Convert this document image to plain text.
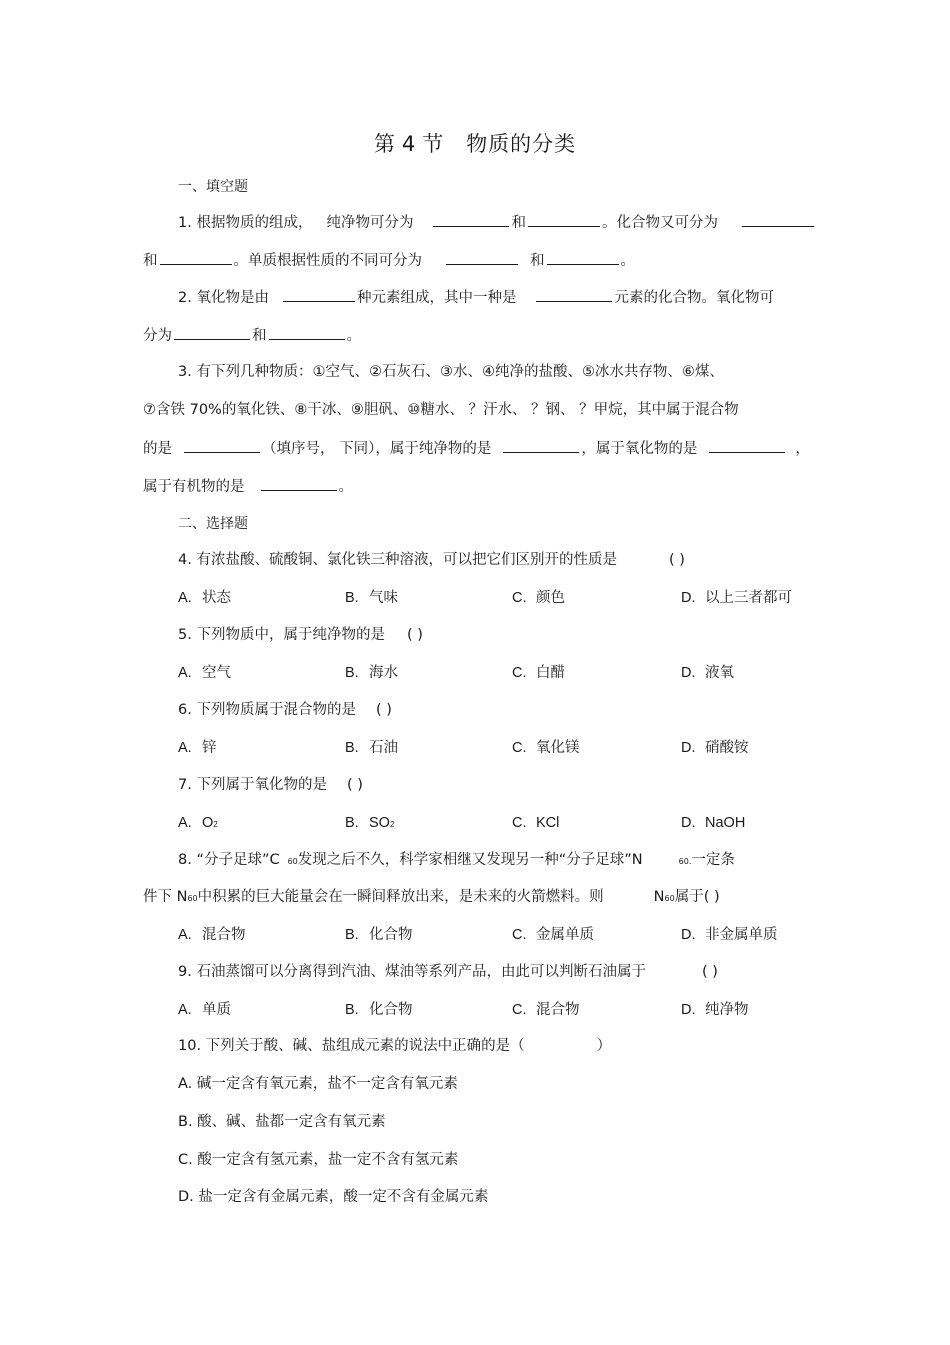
第 4 节 物质的分类
一、填空题
1. 根据物质的组成， 纯净物可分为	和	。化合物又可分为
和	。单质根据性质的不同可分为	和	。
2. 氧化物是由	种元素组成，其中一种是	元素的化合物。氧化物可
分为	和	。
3. 有下列几种物质：①空气、②石灰石、③水、④纯净的盐酸、⑤冰水共存物、⑥煤、
⑦含铁 70%的氧化铁、⑧干冰、⑨胆矾、⑩糖水、 ？汗水、 ？钢、 ？甲烷，其中属于混合物
的是	（填序号， 下同），属于纯净物的是	，属于氧化物的是	，
属于有机物的是	。
二、选择题
4. 有浓盐酸、硫酸铜、氯化铁三种溶液，可以把它们区别开的性质是	( )
A. 状态	B. 气味	C. 颜色	D. 以上三者都可
5. 下列物质中，属于纯净物的是 ( )
A. 空气	B. 海水	C. 白醋	D. 液氧
6. 下列物质属于混合物的是 ( )
A. 锌	B. 石油	C. 氧化镁	D. 硝酸铵
7. 下列属于氧化物的是 ( )
A. O2	B. SO2	C. KCl	D. NaOH
8. “分子足球”C 60发现之后不久，科学家相继又发现另一种“分子足球”N	60.一定条
件下 N60中积累的巨大能量会在一瞬间释放出来，是未来的火箭燃料。则	N60属于( )
A. 混合物	B. 化合物	C. 金属单质	D. 非金属单质
9. 石油蒸馏可以分离得到汽油、煤油等系列产品，由此可以判断石油属于	( )
A. 单质	B. 化合物	C. 混合物	D. 纯净物
10. 下列关于酸、碱、盐组成元素的说法中正确的是（	）
A. 碱一定含有氧元素，盐不一定含有氧元素
B. 酸、碱、盐都一定含有氧元素
C. 酸一定含有氢元素，盐一定不含有氢元素
D. 盐一定含有金属元素，酸一定不含有金属元素
